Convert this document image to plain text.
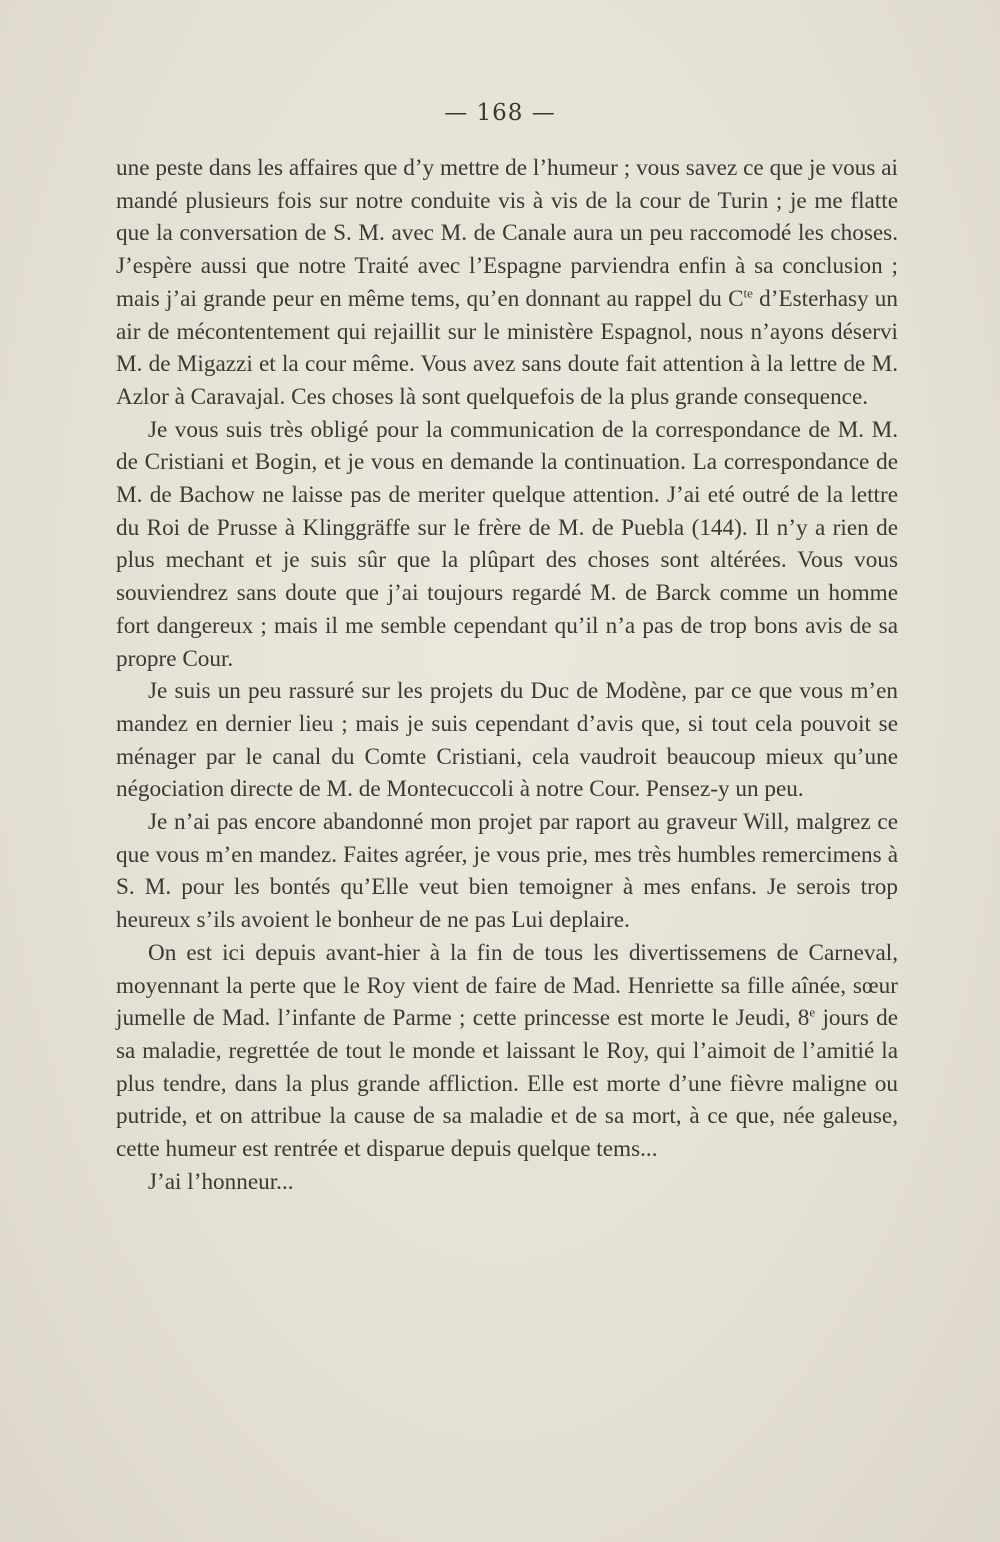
— 168 —

une peste dans les affaires que d’y mettre de l’humeur ; vous savez ce que je vous ai mandé plusieurs fois sur notre conduite vis à vis de la cour de Turin ; je me flatte que la conversation de S. M. avec M. de Canale aura un peu raccomodé les choses. J’espère aussi que notre Traité avec l’Espagne parviendra enfin à sa conclusion ; mais j’ai grande peur en même tems, qu’en donnant au rappel du $C^{te}$ d’Esterhasy un air de mécontentement qui rejaillit sur le ministère Espagnol, nous n’ayons déservi M. de Migazzi et la cour même. Vous avez sans doute fait attention à la lettre de M. Azlor à Caravajal. Ces choses là sont quelquefois de la plus grande consequence.

Je vous suis très obligé pour la communication de la correspondance de M. M. de Cristiani et Bogin, et je vous en demande la continuation. La correspondance de M. de Bachow ne laisse pas de meriter quelque attention. J’ai eté outré de la lettre du Roi de Prusse à Klinggräffe sur le frère de M. de Puebla (144). Il n’y a rien de plus mechant et je suis sûr que la plûpart des choses sont altérées. Vous vous souviendrez sans doute que j’ai toujours regardé M. de Barck comme un homme fort dangereux ; mais il me semble cependant qu’il n’a pas de trop bons avis de sa propre Cour.

Je suis un peu rassuré sur les projets du Duc de Modène, par ce que vous m’en mandez en dernier lieu ; mais je suis cependant d’avis que, si tout cela pouvoit se ménager par le canal du Comte Cristiani, cela vaudroit beaucoup mieux qu’une négociation directe de M. de Montecuccoli à notre Cour. Pensez-y un peu.

Je n’ai pas encore abandonné mon projet par raport au graveur Will, malgrez ce que vous m’en mandez. Faites agréer, je vous prie, mes très humbles remercimens à S. M. pour les bontés qu’Elle veut bien temoigner à mes enfans. Je serois trop heureux s’ils avoient le bonheur de ne pas Lui deplaire.

On est ici depuis avant-hier à la fin de tous les divertissemens de Carneval, moyennant la perte que le Roy vient de faire de Mad. Henriette sa fille aînée, sœur jumelle de Mad. l’infante de Parme ; cette princesse est morte le Jeudi, 8e jours de sa maladie, regrettée de tout le monde et laissant le Roy, qui l’aimoit de l’amitié la plus tendre, dans la plus grande affliction. Elle est morte d’une fièvre maligne ou putride, et on attribue la cause de sa maladie et de sa mort, à ce que, née galeuse, cette humeur est rentrée et disparue depuis quelque tems...

J’ai l’honneur...
